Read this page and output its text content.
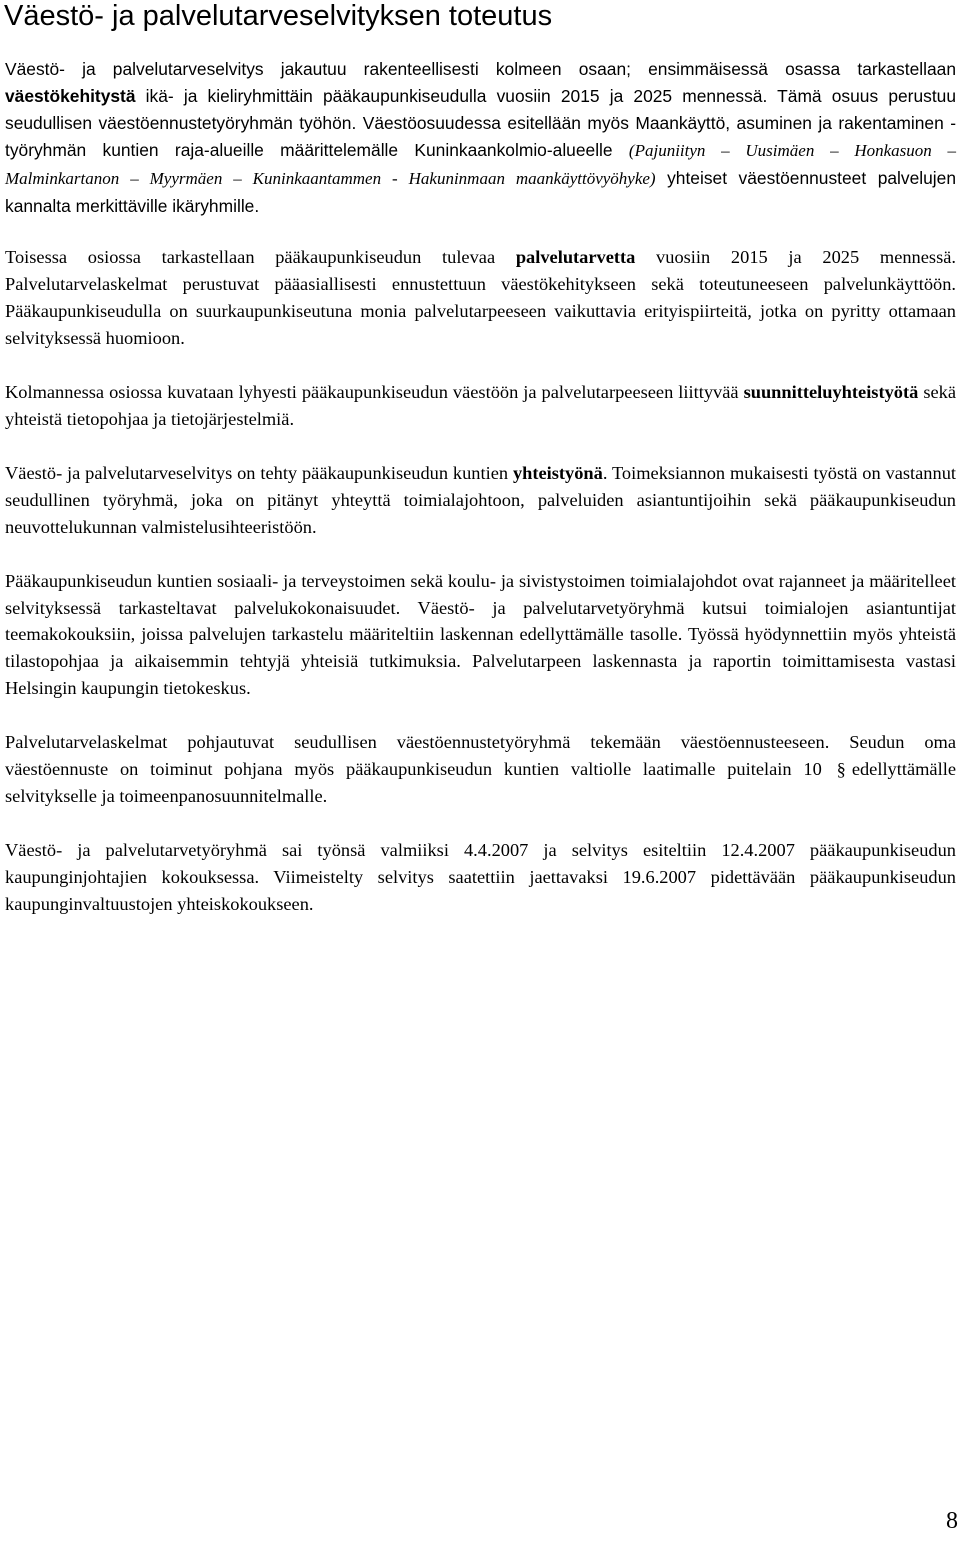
Väestö- ja palvelutarveselvityksen toteutus

Väestö- ja palvelutarveselvitys jakautuu rakenteellisesti kolmeen osaan; ensimmäisessä osassa tarkastellaan väestökehitystä ikä- ja kieliryhmittäin pääkaupunkiseudulla vuosiin 2015 ja 2025 mennessä. Tämä osuus perustuu seudullisen väestöennustetyöryhmän työhön. Väestöosuudessa esitellään myös Maankäyttö, asuminen ja rakentaminen -työryhmän kuntien raja-alueille määrittelemälle Kuninkaankolmio-alueelle (Pajuniityn – Uusimäen – Honkasuon – Malminkartanon – Myyrmäen – Kuninkaantammen - Hakuninmaan maankäyttövyöhyke) yhteiset väestöennusteet palvelujen kannalta merkittäville ikäryhmille.

Toisessa osiossa tarkastellaan pääkaupunkiseudun tulevaa palvelutarvetta vuosiin 2015 ja 2025 mennessä. Palvelutarvelaskelmat perustuvat pääasiallisesti ennustettuun väestökehitykseen sekä toteutuneeseen palvelunkäyttöön. Pääkaupunkiseudulla on suurkaupunkiseutuna monia palvelutarpeeseen vaikuttavia erityispiirteitä, jotka on pyritty ottamaan selvityksessä huomioon.

Kolmannessa osiossa kuvataan lyhyesti pääkaupunkiseudun väestöön ja palvelutarpeeseen liittyvää suunnitteluyhteistyötä sekä yhteistä tietopohjaa ja tietojärjestelmiä.

Väestö- ja palvelutarveselvitys on tehty pääkaupunkiseudun kuntien yhteistyönä. Toimeksiannon mukaisesti työstä on vastannut seudullinen työryhmä, joka on pitänyt yhteyttä toimialajohtoon, palveluiden asiantuntijoihin sekä pääkaupunkiseudun neuvottelukunnan valmistelusihteeristöön.

Pääkaupunkiseudun kuntien sosiaali- ja terveystoimen sekä koulu- ja sivistystoimen toimialajohdot ovat rajanneet ja määritelleet selvityksessä tarkasteltavat palvelukokonaisuudet. Väestö- ja palvelutarvetyöryhmä kutsui toimialojen asiantuntijat teemakokouksiin, joissa palvelujen tarkastelu määriteltiin laskennan edellyttämälle tasolle. Työssä hyödynnettiin myös yhteistä tilastopohjaa ja aikaisemmin tehtyjä yhteisiä tutkimuksia. Palvelutarpeen laskennasta ja raportin toimittamisesta vastasi Helsingin kaupungin tietokeskus.

Palvelutarvelaskelmat pohjautuvat seudullisen väestöennustetyöryhmä tekemään väestöennusteeseen. Seudun oma väestöennuste on toiminut pohjana myös pääkaupunkiseudun kuntien valtiolle laatimalle puitelain 10 § edellyttämälle selvitykselle ja toimeenpanosuunnitelmalle.

Väestö- ja palvelutarvetyöryhmä sai työnsä valmiiksi 4.4.2007 ja selvitys esiteltiin 12.4.2007 pääkaupunkiseudun kaupunginjohtajien kokouksessa. Viimeistelty selvitys saatettiin jaettavaksi 19.6.2007 pidettävään pääkaupunkiseudun kaupunginvaltuustojen yhteiskokoukseen.

8
